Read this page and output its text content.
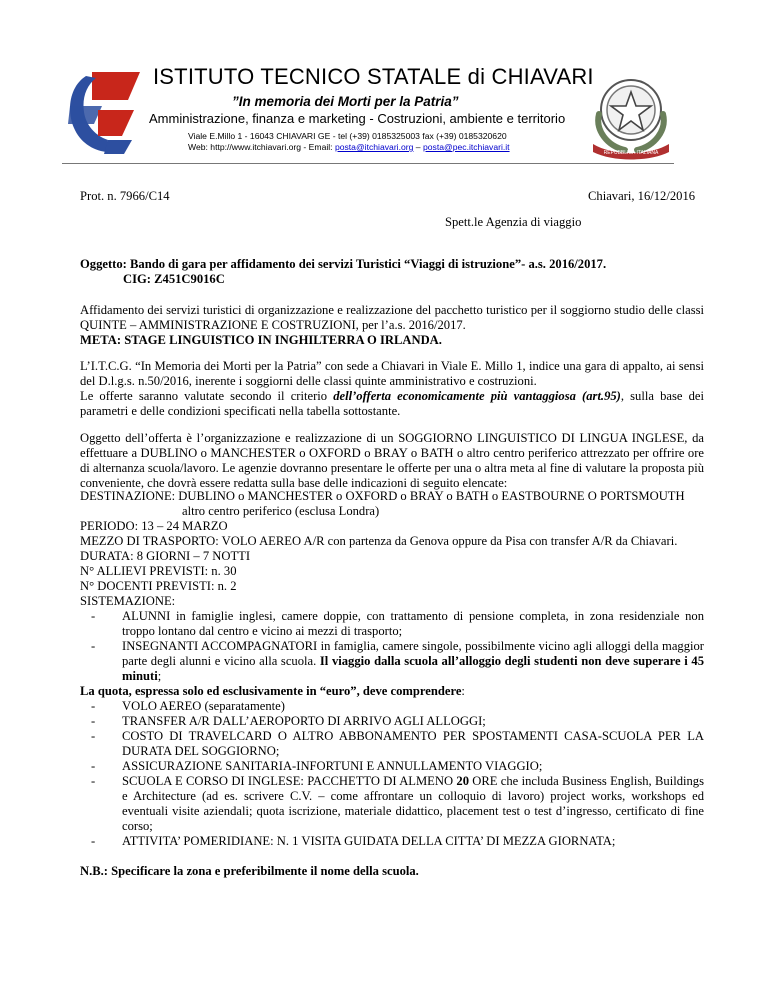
REPUBBLICA ITALIANA
ISTITUTO TECNICO STATALE di CHIAVARI
”In memoria dei Morti per la Patria”
Amministrazione, finanza e marketing - Costruzioni, ambiente e territorio
Viale E.Millo 1 - 16043 CHIAVARI GE - tel (+39) 0185325003 fax (+39) 0185320620
Web: http://www.itchiavari.org - Email: posta@itchiavari.org – posta@pec.itchiavari.it
Prot. n. 7966/C14	Chiavari, 16/12/2016
Spett.le Agenzia di viaggio
Oggetto: Bando di gara per affidamento dei servizi Turistici “Viaggi di istruzione”- a.s. 2016/2017.
CIG: Z451C9016C

Affidamento dei servizi turistici di organizzazione e realizzazione del pacchetto turistico per il soggiorno studio delle classi QUINTE – AMMINISTRAZIONE E COSTRUZIONI, per l’a.s. 2016/2017.

META: STAGE LINGUISTICO IN INGHILTERRA O IRLANDA.

L’I.T.C.G. “In Memoria dei Morti per la Patria” con sede a Chiavari in Viale E. Millo 1, indice una gara di appalto, ai sensi del D.l.g.s. n.50/2016, inerente i soggiorni delle classi quinte amministrativo e costruzioni.

Le offerte saranno valutate secondo il criterio dell’offerta economicamente più vantaggiosa (art.95), sulla base dei parametri e delle condizioni specificati nella tabella sottostante.

Oggetto dell’offerta è l’organizzazione e realizzazione di un SOGGIORNO LINGUISTICO DI LINGUA INGLESE, da effettuare a DUBLINO o MANCHESTER o OXFORD o BRAY o BATH o altro centro periferico attrezzato per offrire ore di alternanza scuola/lavoro. Le agenzie dovranno presentare le offerte per una o altra meta al fine di valutare la proposta più conveniente, che dovrà essere redatta sulla base delle indicazioni di seguito elencate:
DESTINAZIONE: DUBLINO o MANCHESTER o OXFORD o BRAY o BATH o EASTBOURNE O PORTSMOUTH
altro centro periferico (esclusa Londra)
PERIODO: 13 – 24 MARZO
MEZZO DI TRASPORTO: VOLO AEREO A/R con partenza da Genova oppure da Pisa con transfer A/R da Chiavari.
DURATA: 8 GIORNI – 7 NOTTI
N° ALLIEVI PREVISTI: n. 30
N° DOCENTI PREVISTI: n. 2
SISTEMAZIONE:
- ALUNNI in famiglie inglesi, camere doppie, con trattamento di pensione completa, in zona residenziale non troppo lontano dal centro e vicino ai mezzi di trasporto;
- INSEGNANTI ACCOMPAGNATORI in famiglia, camere singole, possibilmente vicino agli alloggi della maggior parte degli alunni e vicino alla scuola. Il viaggio dalla scuola all’alloggio degli studenti non deve superare i 45 minuti;
La quota, espressa solo ed esclusivamente in “euro”, deve comprendere:
- VOLO AEREO (separatamente)
- TRANSFER A/R DALL’AEROPORTO DI ARRIVO AGLI ALLOGGI;
- COSTO DI TRAVELCARD O ALTRO ABBONAMENTO PER SPOSTAMENTI CASA-SCUOLA PER LA DURATA DEL SOGGIORNO;
- ASSICURAZIONE SANITARIA-INFORTUNI E ANNULLAMENTO VIAGGIO;
- SCUOLA E CORSO DI INGLESE: PACCHETTO DI ALMENO 20 ORE che includa Business English, Buildings e Architecture (ad es. scrivere C.V. – come affrontare un colloquio di lavoro) project works, workshops ed eventuali visite aziendali; quota iscrizione, materiale didattico, placement test o test d’ingresso, certificato di fine corso;
- ATTIVITA’ POMERIDIANE: N. 1 VISITA GUIDATA DELLA CITTA’ DI MEZZA GIORNATA;
N.B.: Specificare la zona e preferibilmente il nome della scuola.
